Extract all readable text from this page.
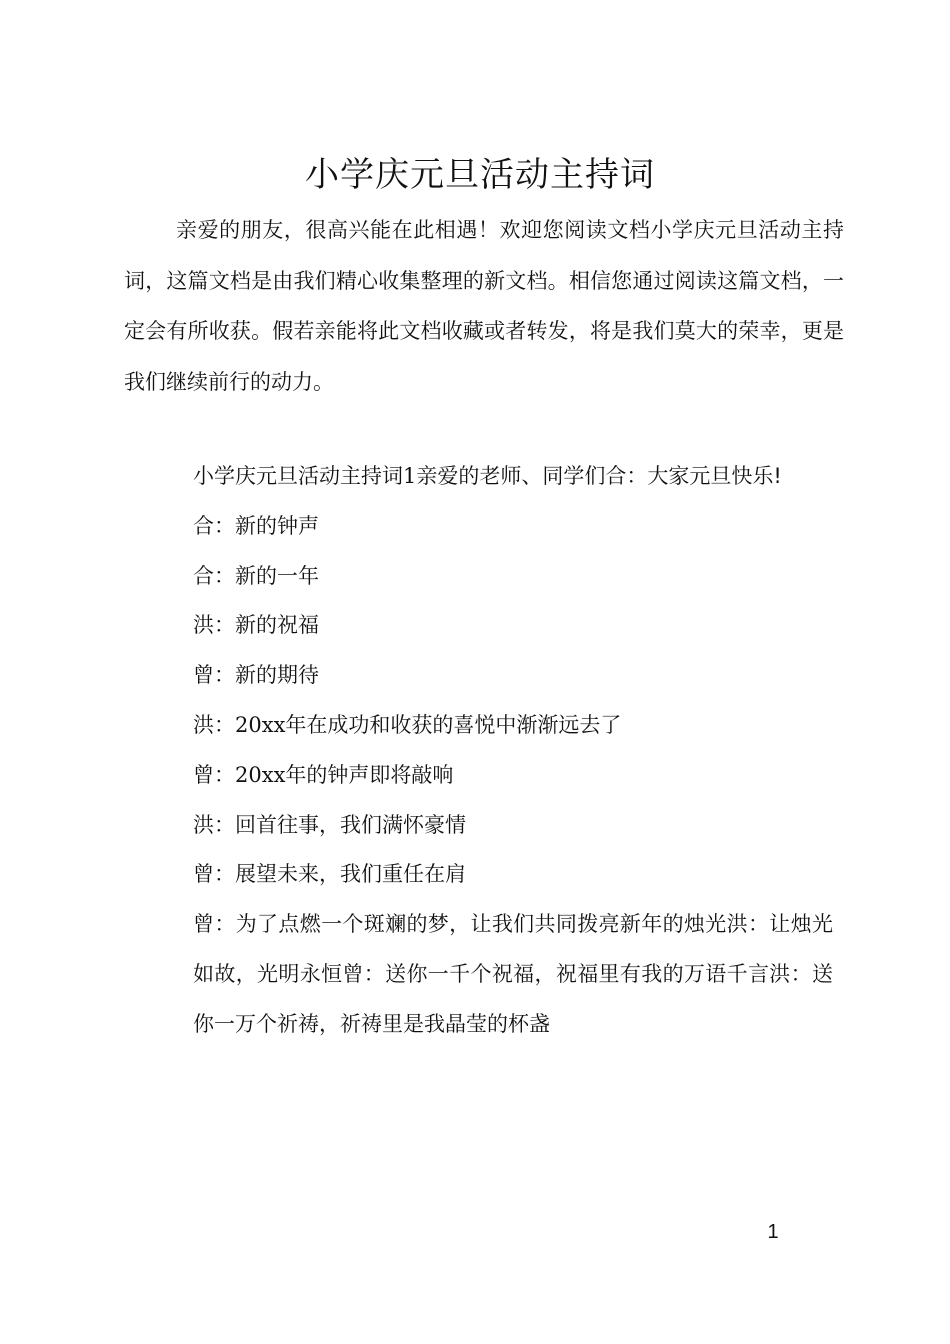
小学庆元旦活动主持词
亲爱的朋友，很高兴能在此相遇！欢迎您阅读文档小学庆元旦活动主持词，这篇文档是由我们精心收集整理的新文档。相信您通过阅读这篇文档，一定会有所收获。假若亲能将此文档收藏或者转发，将是我们莫大的荣幸，更是我们继续前行的动力。

小学庆元旦活动主持词1亲爱的老师、同学们合：大家元旦快乐!

合：新的钟声

合：新的一年

洪：新的祝福

曾：新的期待

洪：20xx年在成功和收获的喜悦中渐渐远去了

曾：20xx年的钟声即将敲响

洪：回首往事，我们满怀豪情

曾：展望未来，我们重任在肩

曾：为了点燃一个斑斓的梦，让我们共同拨亮新年的烛光洪：让烛光如故，光明永恒曾：送你一千个祝福，祝福里有我的万语千言洪：送你一万个祈祷，祈祷里是我晶莹的杯盏

1
